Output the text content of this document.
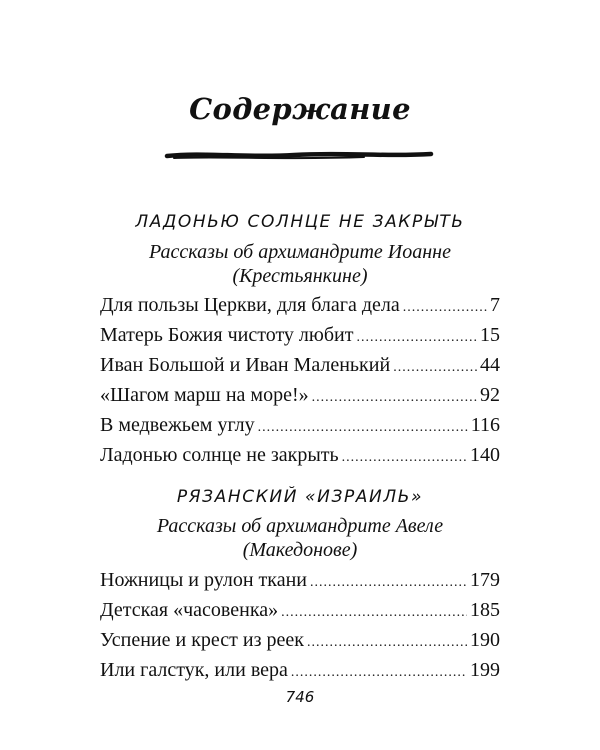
Содержание
ЛАДОНЬЮ СОЛНЦЕ НЕ ЗАКРЫТЬ
Рассказы об архимандрите Иоанне
(Крестьянкине)
Для пользы Церкви, для блага дела .....	7
Матерь Божия чистоту любит .....	15
Иван Большой и Иван Маленький .....	44
«Шагом марш на море!» .....	92
В медвежьем углу .....	116
Ладонью солнце не закрыть .....	140
РЯЗАНСКИЙ «ИЗРАИЛЬ»
Рассказы об архимандрите Авеле
(Македонове)
Ножницы и рулон ткани .....	179
Детская «часовенка» .....	185
Успение и крест из реек .....	190
Или галстук, или вера .....	199
746
